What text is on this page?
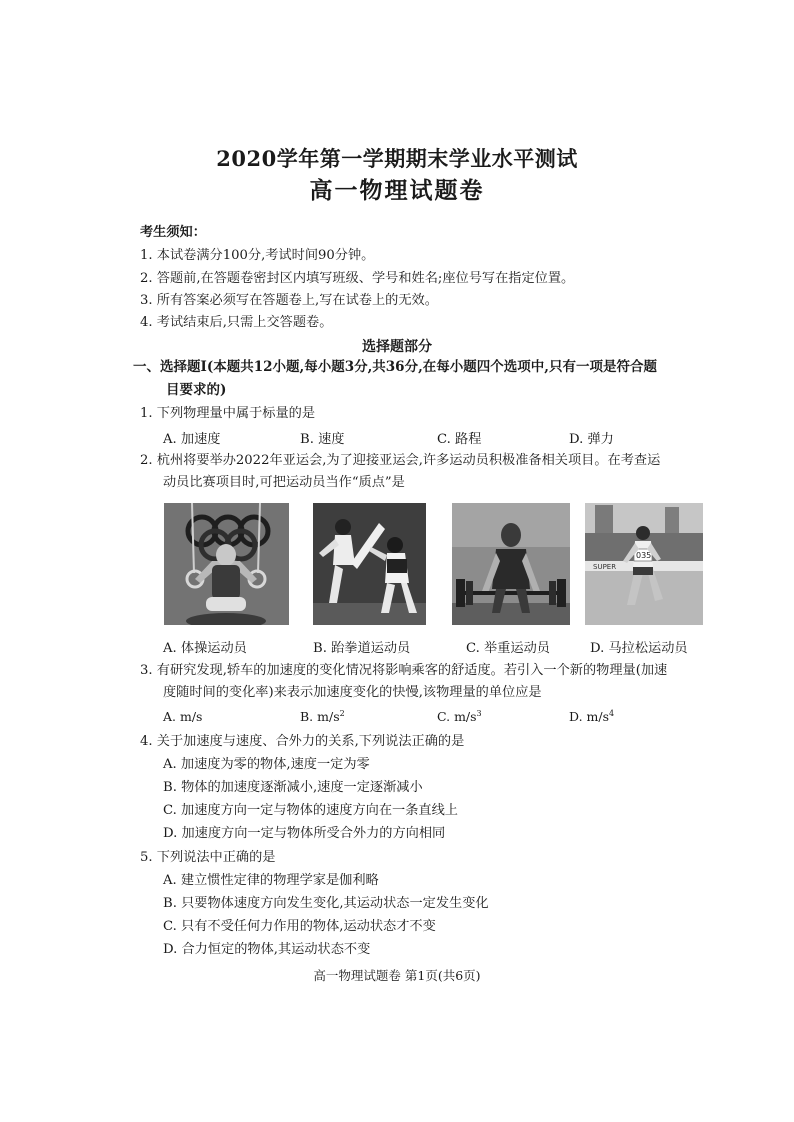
2020学年第一学期期末学业水平测试
高一物理试题卷
考生须知：
1. 本试卷满分100分,考试时间90分钟。
2. 答题前,在答题卷密封区内填写班级、学号和姓名;座位号写在指定位置。
3. 所有答案必须写在答题卷上,写在试卷上的无效。
4. 考试结束后,只需上交答题卷。
选择题部分
一、选择题Ⅰ(本题共12小题,每小题3分,共36分,在每小题四个选项中,只有一项是符合题
目要求的)
1. 下列物理量中属于标量的是
A. 加速度	B. 速度	C. 路程	D. 弹力
2. 杭州将要举办2022年亚运会,为了迎接亚运会,许多运动员积极准备相关项目。在考查运
动员比赛项目时,可把运动员当作“质点”是
SUPER
035
A. 体操运动员	B. 跆拳道运动员	C. 举重运动员	D. 马拉松运动员
3. 有研究发现,轿车的加速度的变化情况将影响乘客的舒适度。若引入一个新的物理量(加速
度随时间的变化率)来表示加速度变化的快慢,该物理量的单位应是
A. m/s	B. $m/s^2$	C. $m/s^3$	D. $m/s^4$
4. 关于加速度与速度、合外力的关系,下列说法正确的是
A. 加速度为零的物体,速度一定为零
B. 物体的加速度逐渐减小,速度一定逐渐减小
C. 加速度方向一定与物体的速度方向在一条直线上
D. 加速度方向一定与物体所受合外力的方向相同
5. 下列说法中正确的是
A. 建立惯性定律的物理学家是伽利略
B. 只要物体速度方向发生变化,其运动状态一定发生变化
C. 只有不受任何力作用的物体,运动状态才不变
D. 合力恒定的物体,其运动状态不变
高一物理试题卷 第1页(共6页)
